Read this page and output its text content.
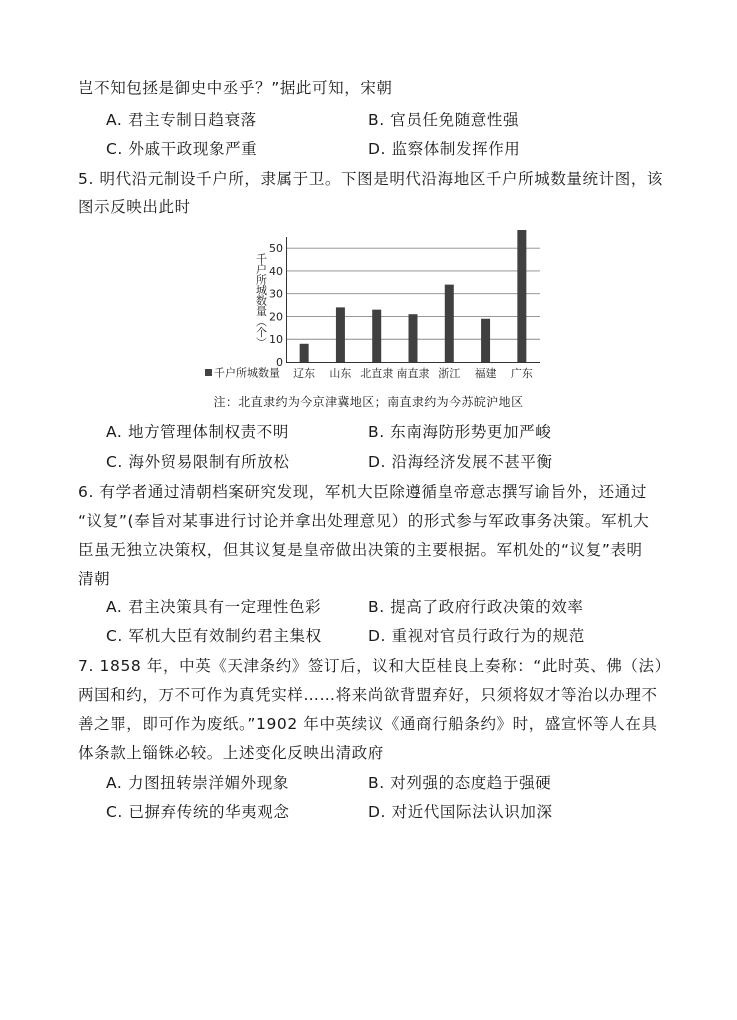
岂不知包拯是御史中丞乎？”据此可知，宋朝
A. 君主专制日趋衰落	B. 官员任免随意性强
C. 外戚干政现象严重	D. 监察体制发挥作用
5. 明代沿元制设千户所，隶属于卫。下图是明代沿海地区千户所城数量统计图，该
图示反映出此时
0
10
20
30
40
50
辽东 山东 北直隶 南直隶 浙江 福建 广东
千户所城数量（个）
千户所城数量
注：北直隶约为今京津冀地区；南直隶约为今苏皖沪地区
A. 地方管理体制权责不明	B. 东南海防形势更加严峻
C. 海外贸易限制有所放松	D. 沿海经济发展不甚平衡
6. 有学者通过清朝档案研究发现，军机大臣除遵循皇帝意志撰写谕旨外，还通过
“议复”(奉旨对某事进行讨论并拿出处理意见）的形式参与军政事务决策。军机大
臣虽无独立决策权，但其议复是皇帝做出决策的主要根据。军机处的“议复”表明
清朝
A. 君主决策具有一定理性色彩	B. 提高了政府行政决策的效率
C. 军机大臣有效制约君主集权	D. 重视对官员行政行为的规范
7. 1858 年，中英《天津条约》签订后，议和大臣桂良上奏称：“此时英、佛（法）
两国和约，万不可作为真凭实样……将来尚欲背盟弃好，只须将奴才等治以办理不
善之罪，即可作为废纸。”1902 年中英续议《通商行船条约》时，盛宣怀等人在具
体条款上锱铢必较。上述变化反映出清政府
A. 力图扭转崇洋媚外现象	B. 对列强的态度趋于强硬
C. 已摒弃传统的华夷观念	D. 对近代国际法认识加深
